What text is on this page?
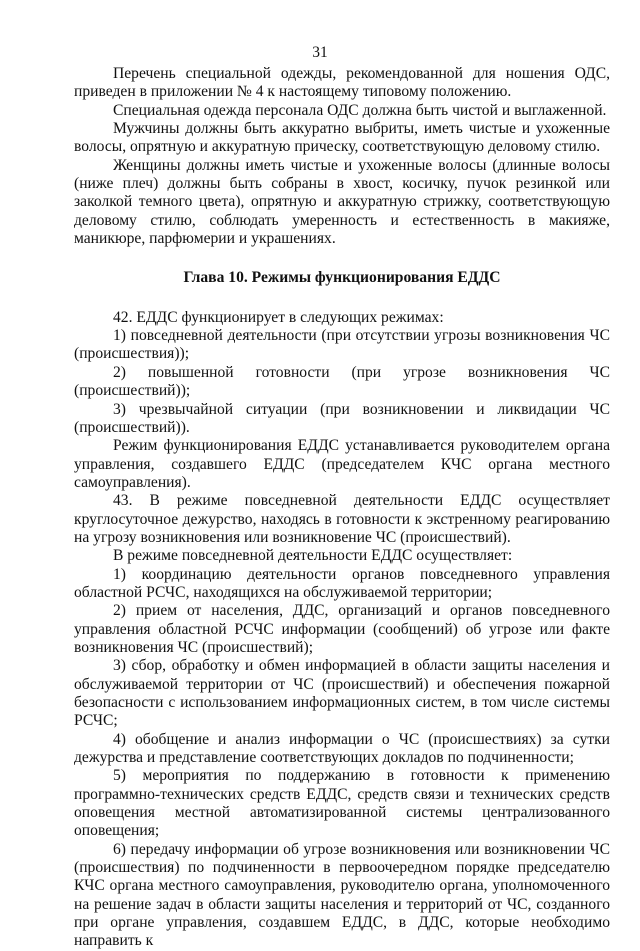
31

Перечень специальной одежды, рекомендованной для ношения ОДС, приведен в приложении № 4 к настоящему типовому положению.

Специальная одежда персонала ОДС должна быть чистой и выглаженной.

Мужчины должны быть аккуратно выбриты, иметь чистые и ухоженные волосы, опрятную и аккуратную прическу, соответствующую деловому стилю.

Женщины должны иметь чистые и ухоженные волосы (длинные волосы (ниже плеч) должны быть собраны в хвост, косичку, пучок резинкой или заколкой темного цвета), опрятную и аккуратную стрижку, соответствующую деловому стилю, соблюдать умеренность и естественность в макияже, маникюре, парфюмерии и украшениях.

Глава 10. Режимы функционирования ЕДДС

42. ЕДДС функционирует в следующих режимах:

1) повседневной деятельности (при отсутствии угрозы возникновения ЧС (происшествия));

2) повышенной готовности (при угрозе возникновения ЧС (происшествий));

3) чрезвычайной ситуации (при возникновении и ликвидации ЧС (происшествий)).

Режим функционирования ЕДДС устанавливается руководителем органа управления, создавшего ЕДДС (председателем КЧС органа местного самоуправления).

43. В режиме повседневной деятельности ЕДДС осуществляет круглосуточное дежурство, находясь в готовности к экстренному реагированию на угрозу возникновения или возникновение ЧС (происшествий).

В режиме повседневной деятельности ЕДДС осуществляет:

1) координацию деятельности органов повседневного управления областной РСЧС, находящихся на обслуживаемой территории;

2) прием от населения, ДДС, организаций и органов повседневного управления областной РСЧС информации (сообщений) об угрозе или факте возникновения ЧС (происшествий);

3) сбор, обработку и обмен информацией в области защиты населения и обслуживаемой территории от ЧС (происшествий) и обеспечения пожарной безопасности с использованием информационных систем, в том числе системы РСЧС;

4) обобщение и анализ информации о ЧС (происшествиях) за сутки дежурства и представление соответствующих докладов по подчиненности;

5) мероприятия по поддержанию в готовности к применению программно-технических средств ЕДДС, средств связи и технических средств оповещения местной автоматизированной системы централизованного оповещения;

6) передачу информации об угрозе возникновения или возникновении ЧС (происшествия) по подчиненности в первоочередном порядке председателю КЧС органа местного самоуправления, руководителю органа, уполномоченного на решение задач в области защиты населения и территорий от ЧС, созданного при органе управления, создавшем ЕДДС, в ДДС, которые необходимо направить к
